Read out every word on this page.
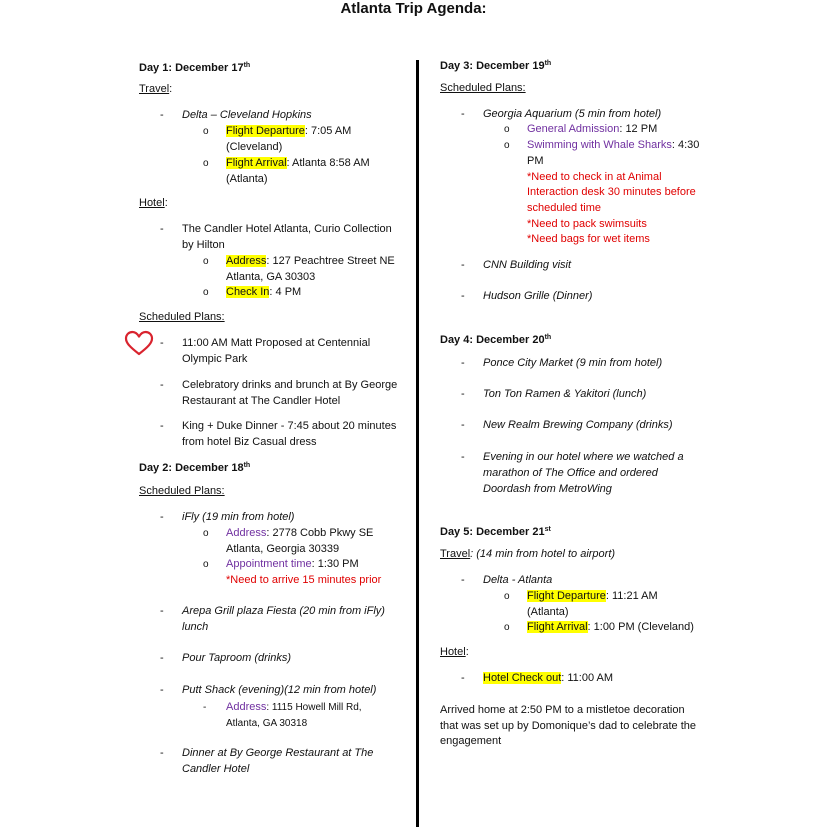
Atlanta Trip Agenda:
Day 1: December 17th
Travel:
- Delta – Cleveland Hopkins
o Flight Departure: 7:05 AM
(Cleveland)
o Flight Arrival: Atlanta 8:58 AM
(Atlanta)
Hotel:
- The Candler Hotel Atlanta, Curio Collection
by Hilton
o Address: 127 Peachtree Street NE
Atlanta, GA 30303
o Check In: 4 PM
Scheduled Plans:
- 11:00 AM Matt Proposed at Centennial
Olympic Park
- Celebratory drinks and brunch at By George
Restaurant at The Candler Hotel
- King + Duke Dinner - 7:45 about 20 minutes
from hotel Biz Casual dress
Day 2: December 18th
Scheduled Plans:
- iFly (19 min from hotel)
o Address: 2778 Cobb Pkwy SE
Atlanta, Georgia 30339
o Appointment time: 1:30 PM
*Need to arrive 15 minutes prior
- Arepa Grill plaza Fiesta (20 min from iFly)
lunch
- Pour Taproom (drinks)
- Putt Shack (evening)(12 min from hotel)
- Address: 1115 Howell Mill Rd,
Atlanta, GA 30318
- Dinner at By George Restaurant at The
Candler Hotel
Day 3: December 19th
Scheduled Plans:
- Georgia Aquarium (5 min from hotel)
o General Admission: 12 PM
o Swimming with Whale Sharks: 4:30
PM
*Need to check in at Animal
Interaction desk 30 minutes before
scheduled time
*Need to pack swimsuits
*Need bags for wet items
- CNN Building visit
- Hudson Grille (Dinner)
Day 4: December 20th
- Ponce City Market (9 min from hotel)
- Ton Ton Ramen & Yakitori (lunch)
- New Realm Brewing Company (drinks)
- Evening in our hotel where we watched a
marathon of The Office and ordered
Doordash from MetroWing
Day 5: December 21st
Travel: (14 min from hotel to airport)
- Delta - Atlanta
o Flight Departure: 11:21 AM
(Atlanta)
o Flight Arrival: 1:00 PM (Cleveland)
Hotel:
- Hotel Check out: 11:00 AM
Arrived home at 2:50 PM to a mistletoe decoration
that was set up by Domonique’s dad to celebrate the
engagement
